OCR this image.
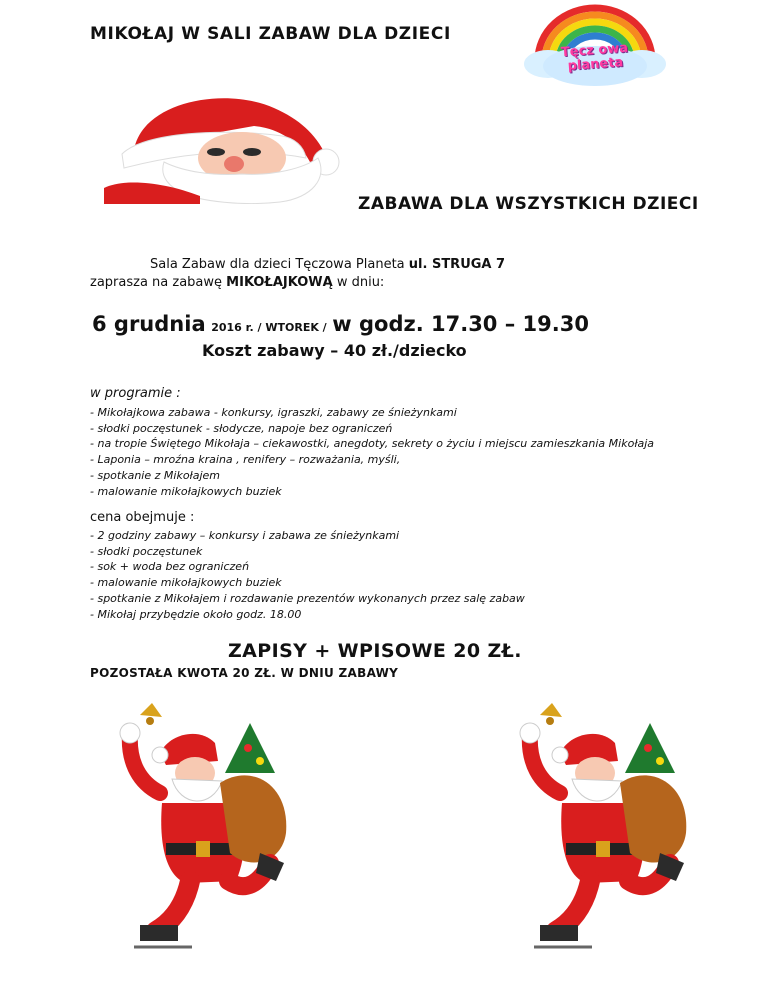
MIKOŁAJ W SALI ZABAW DLA DZIECI
Tęcz owa planeta
ZABAWA DLA WSZYSTKICH DZIECI
Sala Zabaw dla dzieci Tęczowa Planeta ul. STRUGA 7
zaprasza na zabawę MIKOŁAJKOWĄ w dniu:
6 grudnia 2016 r. / WTOREK / w godz. 17.30 – 19.30
Koszt zabawy – 40 zł./dziecko
w programie :
- Mikołajkowa zabawa - konkursy, igraszki, zabawy ze śnieżynkami
- słodki poczęstunek - słodycze, napoje bez ograniczeń
- na tropie Świętego Mikołaja – ciekawostki, anegdoty, sekrety o życiu i miejscu zamieszkania Mikołaja
- Laponia – mroźna kraina , renifery – rozważania, myśli,
- spotkanie z Mikołajem
- malowanie mikołajkowych buziek
cena obejmuje :
- 2 godziny zabawy – konkursy i zabawa ze śnieżynkami
- słodki poczęstunek
- sok + woda bez ograniczeń
- malowanie mikołajkowych buziek
- spotkanie z Mikołajem i rozdawanie prezentów wykonanych przez salę zabaw
- Mikołaj przybędzie około godz. 18.00
ZAPISY + WPISOWE 20 ZŁ.
POZOSTAŁA KWOTA 20 ZŁ. W DNIU ZABAWY
